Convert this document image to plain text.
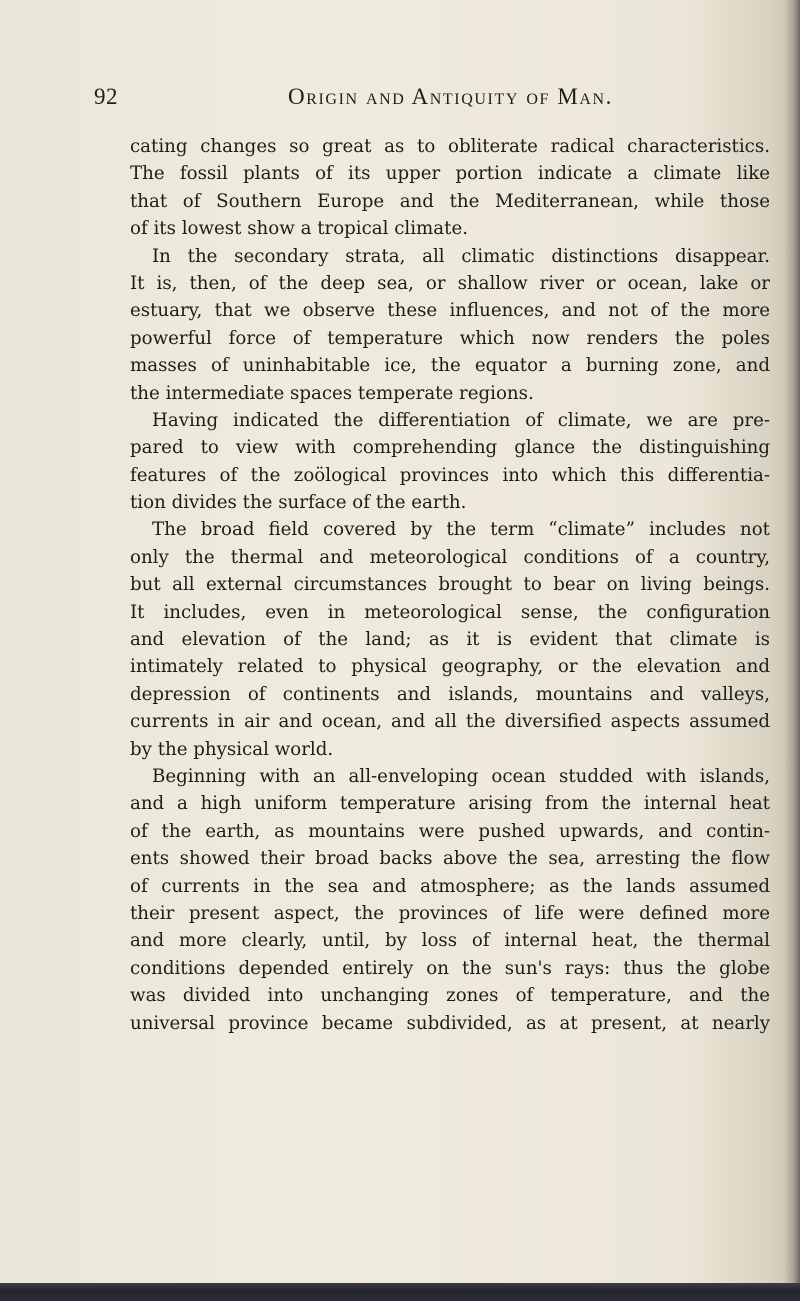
92	Origin and Antiquity of Man.
cating changes so great as to obliterate radical characteristics.
The fossil plants of its upper portion indicate a climate like
that of Southern Europe and the Mediterranean, while those
of its lowest show a tropical climate.
In the secondary strata, all climatic distinctions disappear.
It is, then, of the deep sea, or shallow river or ocean, lake or
estuary, that we observe these influences, and not of the more
powerful force of temperature which now renders the poles
masses of uninhabitable ice, the equator a burning zone, and
the intermediate spaces temperate regions.
Having indicated the differentiation of climate, we are pre-
pared to view with comprehending glance the distinguishing
features of the zoölogical provinces into which this differentia-
tion divides the surface of the earth.
The broad field covered by the term “climate” includes not
only the thermal and meteorological conditions of a country,
but all external circumstances brought to bear on living beings.
It includes, even in meteorological sense, the configuration
and elevation of the land; as it is evident that climate is
intimately related to physical geography, or the elevation and
depression of continents and islands, mountains and valleys,
currents in air and ocean, and all the diversified aspects assumed
by the physical world.
Beginning with an all-enveloping ocean studded with islands,
and a high uniform temperature arising from the internal heat
of the earth, as mountains were pushed upwards, and contin-
ents showed their broad backs above the sea, arresting the flow
of currents in the sea and atmosphere; as the lands assumed
their present aspect, the provinces of life were defined more
and more clearly, until, by loss of internal heat, the thermal
conditions depended entirely on the sun's rays: thus the globe
was divided into unchanging zones of temperature, and the
universal province became subdivided, as at present, at nearly
